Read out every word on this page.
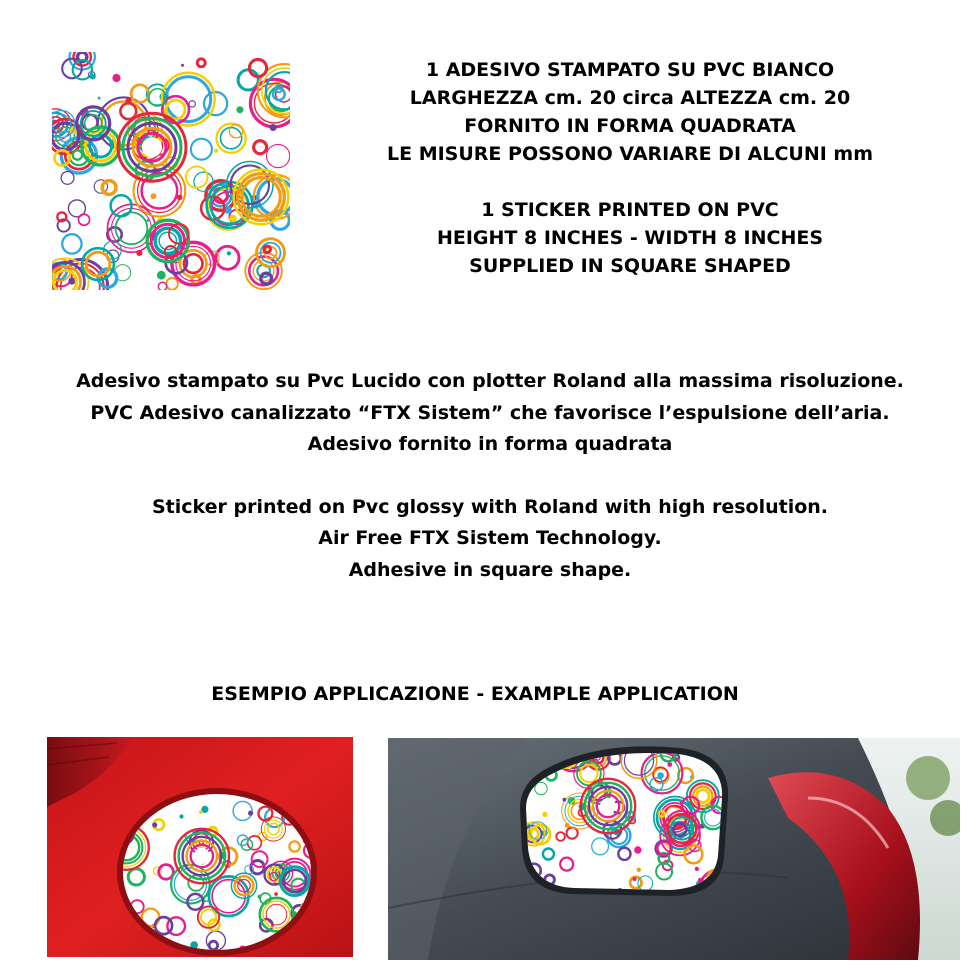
1 ADESIVO STAMPATO SU PVC BIANCO

LARGHEZZA cm. 20 circa ALTEZZA cm. 20

FORNITO IN FORMA QUADRATA

LE MISURE POSSONO VARIARE DI ALCUNI mm

1 STICKER PRINTED ON PVC

HEIGHT 8 INCHES - WIDTH 8 INCHES

SUPPLIED IN SQUARE SHAPED

Adesivo stampato su Pvc Lucido con plotter Roland alla massima risoluzione.

PVC Adesivo canalizzato “FTX Sistem” che favorisce l’espulsione dell’aria.

Adesivo fornito in forma quadrata

Sticker printed on Pvc glossy with Roland with high resolution.

Air Free FTX Sistem Technology.

Adhesive in square shape.

ESEMPIO APPLICAZIONE - EXAMPLE APPLICATION
